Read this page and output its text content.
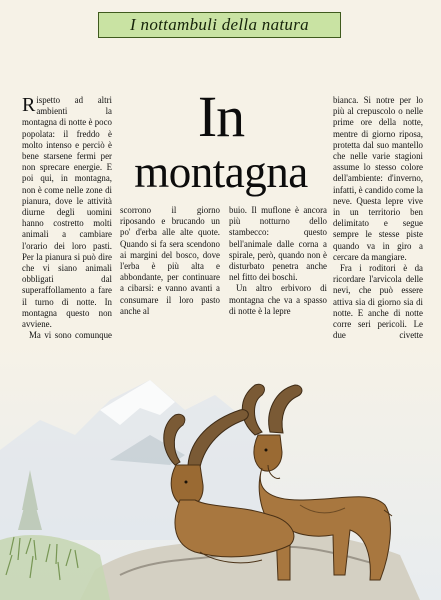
I nottambuli della natura
In
montagna

Rispetto ad altri ambienti la montagna di notte è poco popolata: il freddo è molto intenso e perciò è bene starsene fermi per non sprecare energie. E poi qui, in montagna, non è come nelle zone di pianura, dove le attività diurne degli uomini hanno costretto molti animali a cambiare l'orario dei loro pasti. Per la pianura si può dire che vi siano animali obbligati dal superaffollamento a fare il turno di notte. In montagna questo non avviene.

Ma vi sono comunque

scorrono il giorno riposando e brucando un po' d'erba alle alte quote. Quando si fa sera scendono ai margini del bosco, dove l'erba è più alta e abbondante, per continuare a cibarsi: e vanno avanti a consumare il loro pasto anche al

buio. Il muflone è ancora più notturno dello stambecco: questo bell'animale dalle corna a spirale, però, quando non è disturbato penetra anche nel fitto dei boschi.

Un altro erbivoro di montagna che va a spasso di notte è la lepre

bianca. Si notre per lo più al crepuscolo o nelle prime ore della notte, mentre di giorno riposa, protetta dal suo mantello che nelle varie stagioni assume lo stesso colore dell'ambiente: d'inverno, infatti, è candido come la neve. Questa lepre vive in un territorio ben delimitato e segue sempre le stesse piste quando va in giro a cercare da mangiare.

Fra i roditori è da ricordare l'arvicola delle nevi, che può essere attiva sia di giorno sia di notte. E anche di notte corre seri pericoli. Le due civette
